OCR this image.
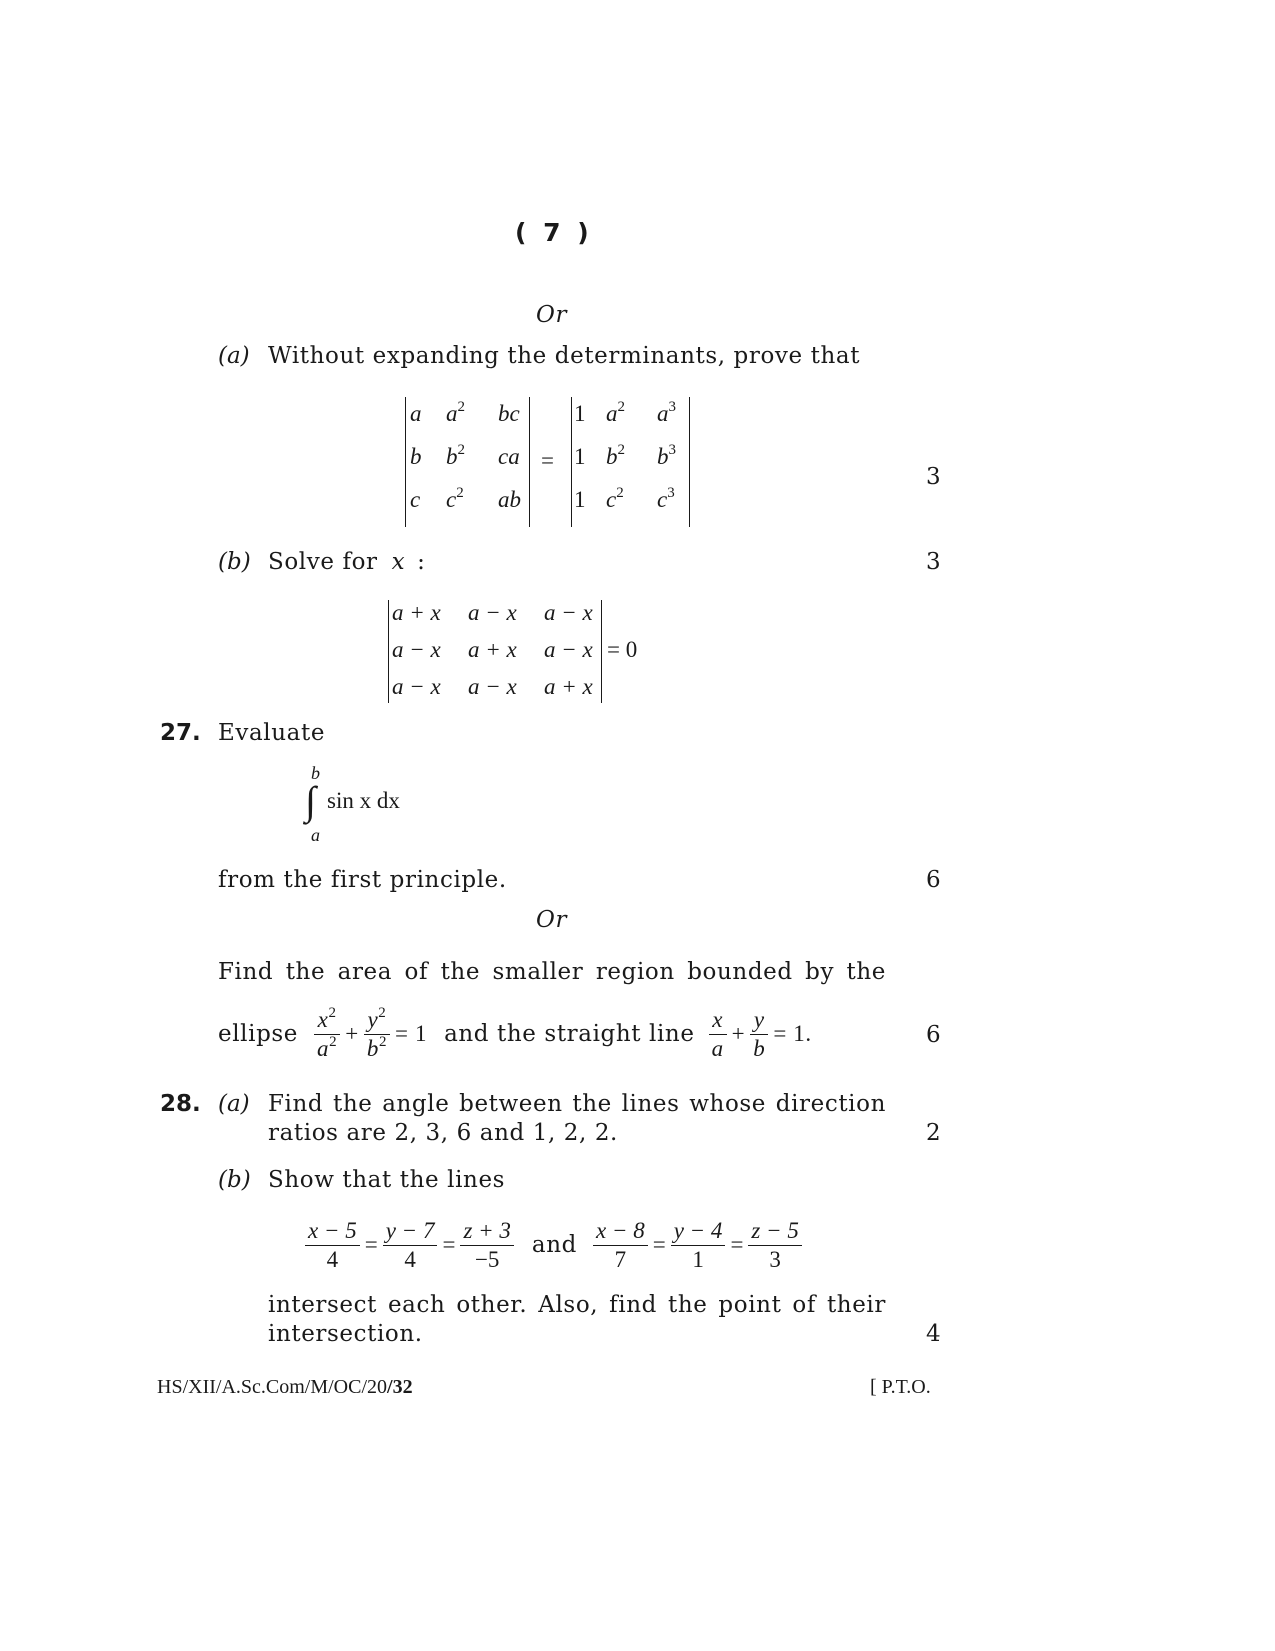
( 7 )
Or
(a) Without expanding the determinants, prove that
a $a^2$ bc
b $b^2$ ca
c $c^2$ ab
=
1 $a^2$ $a^3$
1 $b^2$ $b^3$
1 $c^2$ $c^3$
3
(b) Solve for x :	3
a + x a − x a − x
a − x a + x a − x
a − x a − x a + x
= 0
27. Evaluate
b
∫ sin x dx
a
from the first principle.	6
Or
Find the area of the smaller region bounded by the
ellipse $\frac{x^2}{a^2} + \frac{y^2}{b^2} = 1$ and the straight line $\frac{x}{a} + \frac{y}{b} = 1$.	6
28. (a) Find the angle between the lines whose direction
ratios are 2, 3, 6 and 1, 2, 2.	2
(b) Show that the lines
$\frac{x - 5}{4} = \frac{y - 7}{4} = \frac{z + 3}{-5}$ and $\frac{x - 8}{7} = \frac{y - 4}{1} = \frac{z - 5}{3}$
intersect each other. Also, find the point of their
intersection.	4
HS/XII/A.Sc.Com/M/OC/20/32	[ P.T.O.
